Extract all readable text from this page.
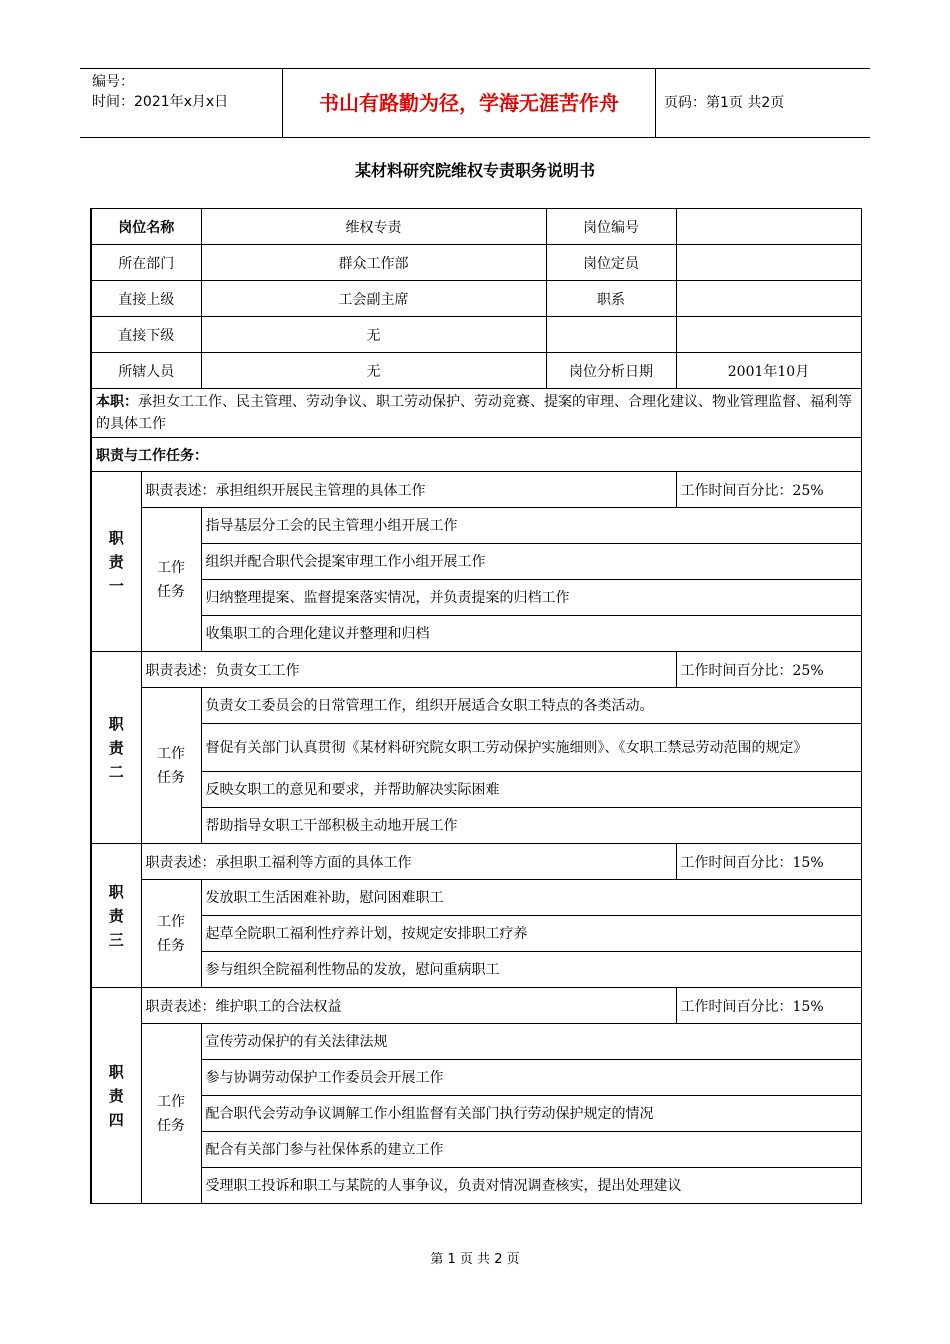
编号：
时间：2021年x月x日	书山有路勤为径，学海无涯苦作舟	页码：第1页 共2页
某材料研究院维权专责职务说明书
岗位名称		维权专责	岗位编号	
所在部门		群众工作部	岗位定员	
直接上级		工会副主席	职系	
直接下级		无		
所辖人员		无	岗位分析日期	2001年10月
本职：承担女工工作、民主管理、劳动争议、职工劳动保护、劳动竞赛、提案的审理、合理化建议、物业管理监督、福利等的具体工作				
职责与工作任务：				

职
责
一	职责表述：承担组织开展民主管理的具体工作			工作时间百分比：25%

	工作
任务	指导基层分工会的民主管理小组开展工作		
		组织并配合职代会提案审理工作小组开展工作		
		归纳整理提案、监督提案落实情况，并负责提案的归档工作		
		收集职工的合理化建议并整理和归档		

职
责
二	职责表述：负责女工工作			工作时间百分比：25%

	工作
任务	负责女工委员会的日常管理工作，组织开展适合女职工特点的各类活动。		
		督促有关部门认真贯彻《某材料研究院女职工劳动保护实施细则》、《女职工禁忌劳动范围的规定》		
		反映女职工的意见和要求，并帮助解决实际困难		
		帮助指导女职工干部积极主动地开展工作		

职
责
三	职责表述：承担职工福利等方面的具体工作			工作时间百分比：15%

	工作
任务	发放职工生活困难补助，慰问困难职工		
		起草全院职工福利性疗养计划，按规定安排职工疗养		
		参与组织全院福利性物品的发放，慰问重病职工		

职
责
四	职责表述：维护职工的合法权益			工作时间百分比：15%

	工作
任务	宣传劳动保护的有关法律法规		
		参与协调劳动保护工作委员会开展工作		
		配合职代会劳动争议调解工作小组监督有关部门执行劳动保护规定的情况		
		配合有关部门参与社保体系的建立工作		
		受理职工投诉和职工与某院的人事争议，负责对情况调查核实，提出处理建议		
第 1 页 共 2 页
